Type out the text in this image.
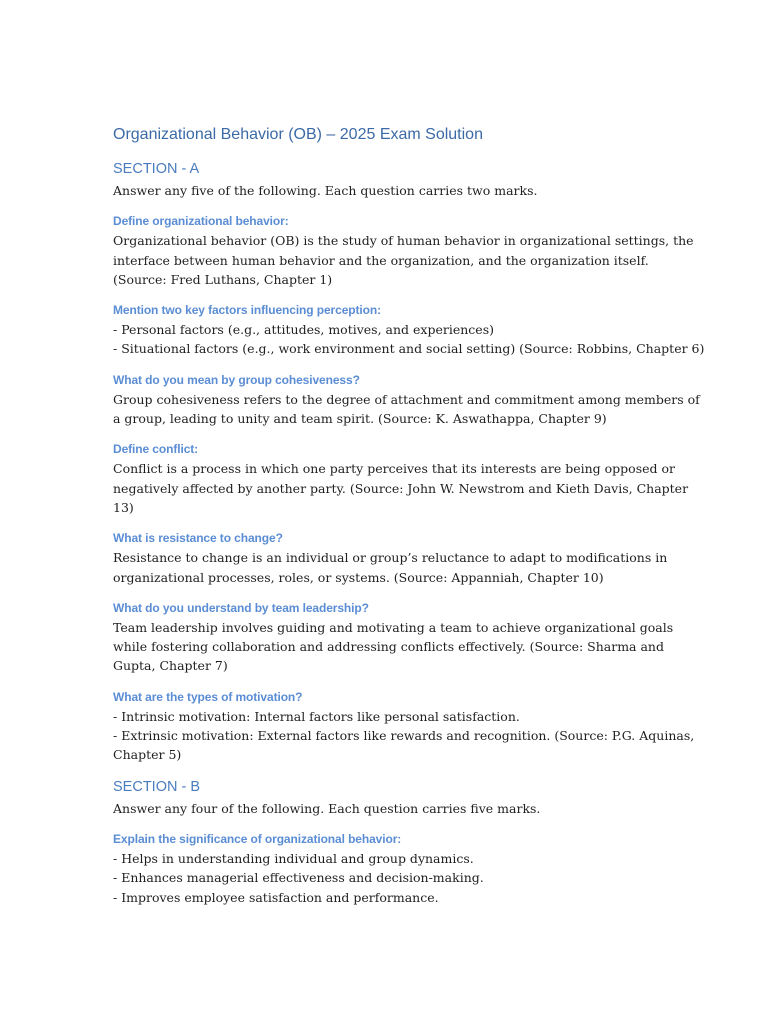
Organizational Behavior (OB) – 2025 Exam Solution
SECTION - A

Answer any five of the following. Each question carries two marks.

Define organizational behavior:

Organizational behavior (OB) is the study of human behavior in organizational settings, the

interface between human behavior and the organization, and the organization itself.

(Source: Fred Luthans, Chapter 1)

Mention two key factors influencing perception:

- Personal factors (e.g., attitudes, motives, and experiences)

- Situational factors (e.g., work environment and social setting) (Source: Robbins, Chapter 6)

What do you mean by group cohesiveness?

Group cohesiveness refers to the degree of attachment and commitment among members of

a group, leading to unity and team spirit. (Source: K. Aswathappa, Chapter 9)

Define conflict:

Conflict is a process in which one party perceives that its interests are being opposed or

negatively affected by another party. (Source: John W. Newstrom and Kieth Davis, Chapter

13)

What is resistance to change?

Resistance to change is an individual or group’s reluctance to adapt to modifications in

organizational processes, roles, or systems. (Source: Appanniah, Chapter 10)

What do you understand by team leadership?

Team leadership involves guiding and motivating a team to achieve organizational goals

while fostering collaboration and addressing conflicts effectively. (Source: Sharma and

Gupta, Chapter 7)

What are the types of motivation?

- Intrinsic motivation: Internal factors like personal satisfaction.

- Extrinsic motivation: External factors like rewards and recognition. (Source: P.G. Aquinas,

Chapter 5)

SECTION - B

Answer any four of the following. Each question carries five marks.

Explain the significance of organizational behavior:

- Helps in understanding individual and group dynamics.

- Enhances managerial effectiveness and decision-making.

- Improves employee satisfaction and performance.
